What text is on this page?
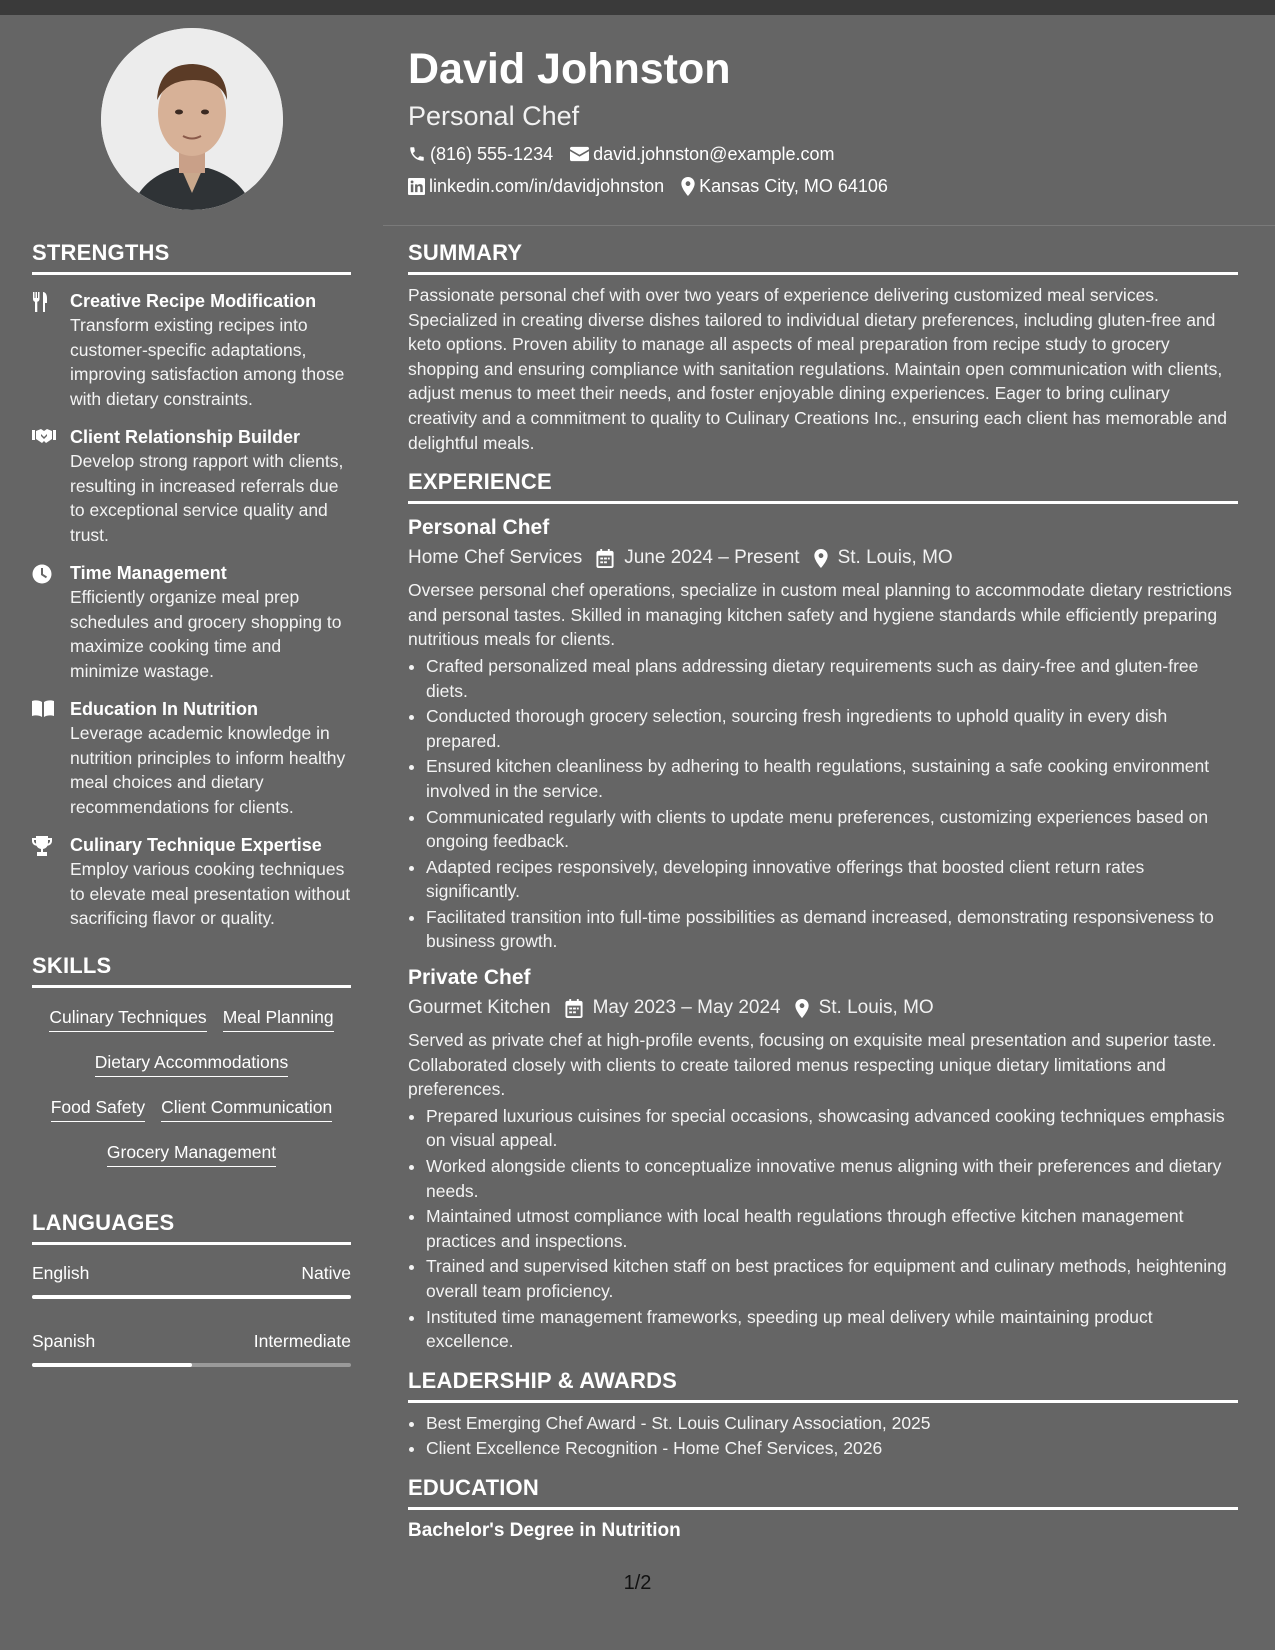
David Johnston
Personal Chef
(816) 555-1234 david.johnston@example.com
linkedin.com/in/davidjohnston Kansas City, MO 64106
STRENGTHS
Creative Recipe Modification
Transform existing recipes into customer-specific adaptations, improving satisfaction among those with dietary constraints.
Client Relationship Builder
Develop strong rapport with clients, resulting in increased referrals due to exceptional service quality and trust.
Time Management
Efficiently organize meal prep schedules and grocery shopping to maximize cooking time and minimize wastage.
Education In Nutrition
Leverage academic knowledge in nutrition principles to inform healthy meal choices and dietary recommendations for clients.
Culinary Technique Expertise
Employ various cooking techniques to elevate meal presentation without sacrificing flavor or quality.
SKILLS
Culinary Techniques Meal Planning
Dietary Accommodations
Food Safety Client Communication
Grocery Management
LANGUAGES
English	Native
Spanish	Intermediate
SUMMARY
Passionate personal chef with over two years of experience delivering customized meal services. Specialized in creating diverse dishes tailored to individual dietary preferences, including gluten-free and keto options. Proven ability to manage all aspects of meal preparation from recipe study to grocery shopping and ensuring compliance with sanitation regulations. Maintain open communication with clients, adjust menus to meet their needs, and foster enjoyable dining experiences. Eager to bring culinary creativity and a commitment to quality to Culinary Creations Inc., ensuring each client has memorable and delightful meals.
EXPERIENCE
Personal Chef
Home Chef Services June 2024 – Present St. Louis, MO
Oversee personal chef operations, specialize in custom meal planning to accommodate dietary restrictions and personal tastes. Skilled in managing kitchen safety and hygiene standards while efficiently preparing nutritious meals for clients.
• Crafted personalized meal plans addressing dietary requirements such as dairy-free and gluten-free diets.
• Conducted thorough grocery selection, sourcing fresh ingredients to uphold quality in every dish prepared.
• Ensured kitchen cleanliness by adhering to health regulations, sustaining a safe cooking environment involved in the service.
• Communicated regularly with clients to update menu preferences, customizing experiences based on ongoing feedback.
• Adapted recipes responsively, developing innovative offerings that boosted client return rates significantly.
• Facilitated transition into full-time possibilities as demand increased, demonstrating responsiveness to business growth.
Private Chef
Gourmet Kitchen May 2023 – May 2024 St. Louis, MO
Served as private chef at high-profile events, focusing on exquisite meal presentation and superior taste. Collaborated closely with clients to create tailored menus respecting unique dietary limitations and preferences.
• Prepared luxurious cuisines for special occasions, showcasing advanced cooking techniques emphasis on visual appeal.
• Worked alongside clients to conceptualize innovative menus aligning with their preferences and dietary needs.
• Maintained utmost compliance with local health regulations through effective kitchen management practices and inspections.
• Trained and supervised kitchen staff on best practices for equipment and culinary methods, heightening overall team proficiency.
• Instituted time management frameworks, speeding up meal delivery while maintaining product excellence.
LEADERSHIP & AWARDS
• Best Emerging Chef Award - St. Louis Culinary Association, 2025
• Client Excellence Recognition - Home Chef Services, 2026
EDUCATION
Bachelor's Degree in Nutrition
1/2
